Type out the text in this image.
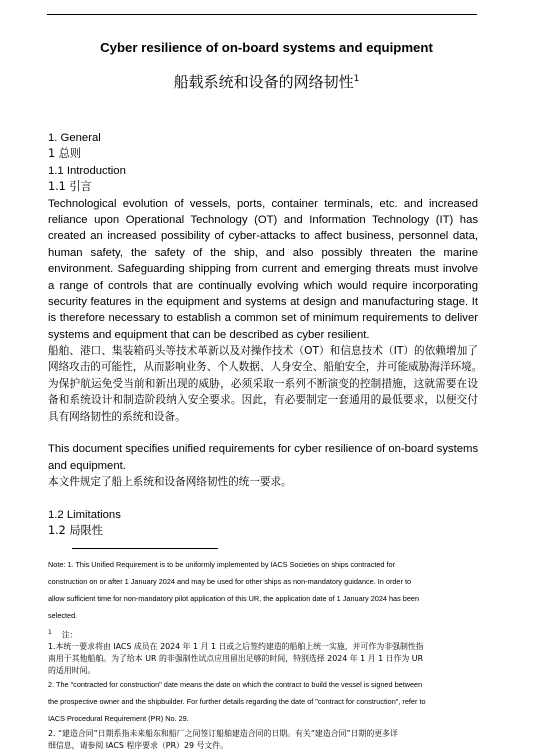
Cyber resilience of on-board systems and equipment
船载系统和设备的网络韧性$^1$
1. General
1 总则
1.1 Introduction
1.1 引言
Technological evolution of vessels, ports, container terminals, etc. and increased
reliance upon Operational Technology (OT) and Information Technology (IT) has
created an increased possibility of cyber-attacks to affect business, personnel data,
human safety, the safety of the ship, and also possibly threaten the marine
environment. Safeguarding shipping from current and emerging threats must involve
a range of controls that are continually evolving which would require incorporating
security features in the equipment and systems at design and manufacturing stage. It
is therefore necessary to establish a common set of minimum requirements to deliver
systems and equipment that can be described as cyber resilient.
船舶、港口、集装箱码头等技术革新以及对操作技术（OT）和信息技术（IT）的依赖增加了
网络攻击的可能性，从而影响业务、个人数据、人身安全、船舶安全，并可能威胁海洋环境。
为保护航运免受当前和新出现的威胁，必须采取一系列不断演变的控制措施，这就需要在设
备和系统设计和制造阶段纳入安全要求。因此，有必要制定一套通用的最低要求，以便交付
具有网络韧性的系统和设备。
This document specifies unified requirements for cyber resilience of on-board systems
and equipment.
本文件规定了船上系统和设备网络韧性的统一要求。
1.2 Limitations
1.2 局限性
Note: 1. This Unified Requirement is to be uniformly implemented by IACS Societies on ships contracted for
construction on or after 1 January 2024 and may be used for other ships as non-mandatory guidance. In order to
allow sufficient time for non-mandatory pilot application of this UR, the application date of 1 January 2024 has been
selected.
$^1$ 注：
1.本统一要求将由 IACS 成员在 2024 年 1 月 1 日或之后签约建造的船舶上统一实施，并可作为非强制性指
南用于其他船舶。为了给本 UR 的非强制性试点应用留出足够的时间，特别选择 2024 年 1 月 1 日作为 UR
的适用时间。
2. The "contracted for construction" date means the date on which the contract to build the vessel is signed between
the prospective owner and the shipbuilder. For further details regarding the date of "contract for construction", refer to
IACS Procedural Requirement (PR) No. 29.
2. “建造合同”日期系指未来船东和船厂之间签订船舶建造合同的日期。有关“建造合同”日期的更多详
细信息，请参阅 IACS 程序要求（PR）29 号文件。
